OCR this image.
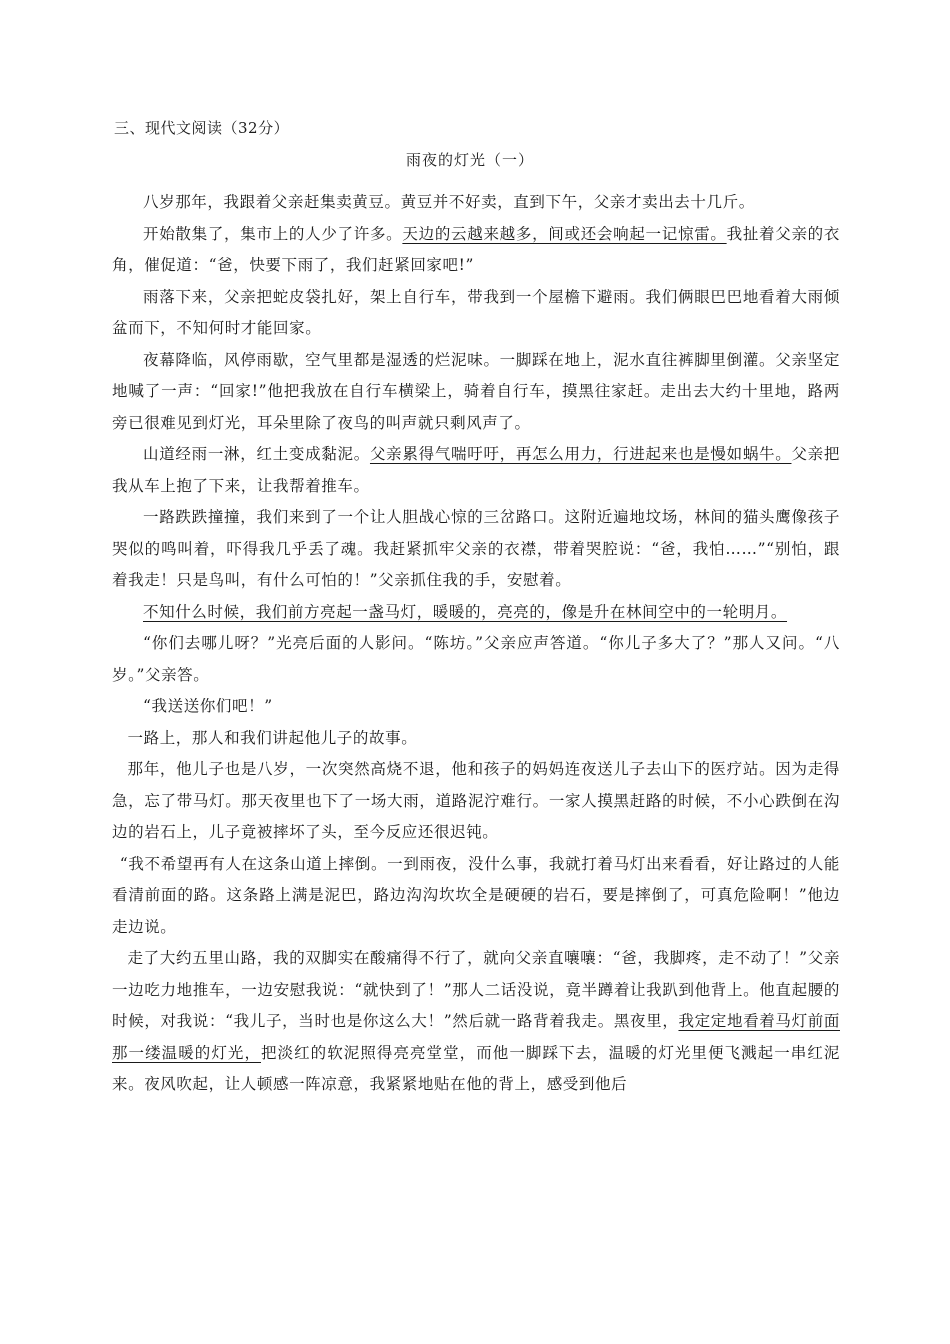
三、现代文阅读（32分）
雨夜的灯光（一）

八岁那年，我跟着父亲赶集卖黄豆。黄豆并不好卖，直到下午，父亲才卖出去十几斤。

开始散集了，集市上的人少了许多。天边的云越来越多，间或还会响起一记惊雷。我扯着父亲的衣角，催促道：“爸，快要下雨了，我们赶紧回家吧!”

雨落下来，父亲把蛇皮袋扎好，架上自行车，带我到一个屋檐下避雨。我们俩眼巴巴地看着大雨倾盆而下，不知何时才能回家。

夜幕降临，风停雨歇，空气里都是湿透的烂泥味。一脚踩在地上，泥水直往裤脚里倒灌。父亲坚定地喊了一声：“回家!”他把我放在自行车横梁上，骑着自行车，摸黑往家赶。走出去大约十里地，路两旁已很难见到灯光，耳朵里除了夜鸟的叫声就只剩风声了。

山道经雨一淋，红土变成黏泥。父亲累得气喘吁吁，再怎么用力，行进起来也是慢如蜗牛。父亲把我从车上抱了下来，让我帮着推车。

一路跌跌撞撞，我们来到了一个让人胆战心惊的三岔路口。这附近遍地坟场，林间的猫头鹰像孩子哭似的鸣叫着，吓得我几乎丢了魂。我赶紧抓牢父亲的衣襟，带着哭腔说：“爸，我怕……”“别怕，跟着我走！只是鸟叫，有什么可怕的！”父亲抓住我的手，安慰着。

不知什么时候，我们前方亮起一盏马灯，暖暖的，亮亮的，像是升在林间空中的一轮明月。

“你们去哪儿呀？”光亮后面的人影问。“陈坊。”父亲应声答道。“你儿子多大了？”那人又问。“八岁。”父亲答。

“我送送你们吧！”

一路上，那人和我们讲起他儿子的故事。

那年，他儿子也是八岁，一次突然高烧不退，他和孩子的妈妈连夜送儿子去山下的医疗站。因为走得急，忘了带马灯。那天夜里也下了一场大雨，道路泥泞难行。一家人摸黑赶路的时候，不小心跌倒在沟边的岩石上，儿子竟被摔坏了头，至今反应还很迟钝。

“我不希望再有人在这条山道上摔倒。一到雨夜，没什么事，我就打着马灯出来看看，好让路过的人能看清前面的路。这条路上满是泥巴，路边沟沟坎坎全是硬硬的岩石，要是摔倒了，可真危险啊！”他边走边说。

走了大约五里山路，我的双脚实在酸痛得不行了，就向父亲直嚷嚷：“爸，我脚疼，走不动了！”父亲一边吃力地推车，一边安慰我说：“就快到了！”那人二话没说，竟半蹲着让我趴到他背上。他直起腰的时候，对我说：“我儿子，当时也是你这么大！”然后就一路背着我走。黑夜里，我定定地看着马灯前面那一缕温暖的灯光，把淡红的软泥照得亮亮堂堂，而他一脚踩下去，温暖的灯光里便飞溅起一串红泥来。夜风吹起，让人顿感一阵凉意，我紧紧地贴在他的背上，感受到他后
